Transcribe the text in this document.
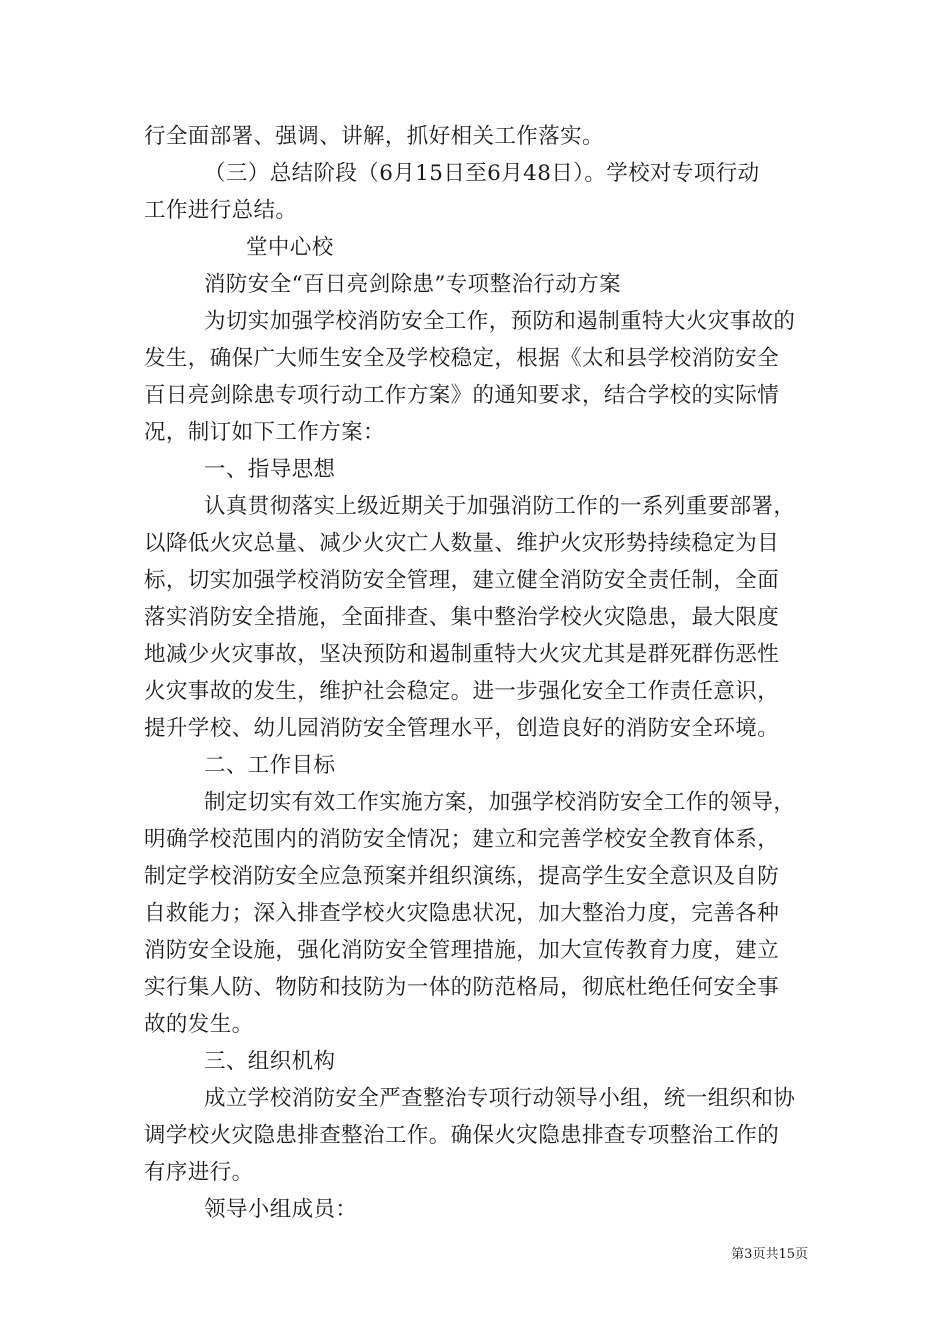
行全面部署、强调、讲解，抓好相关工作落实。
（三）总结阶段（6月15日至6月48日）。学校对专项行动
工作进行总结。
堂中心校
消防安全“百日亮剑除患”专项整治行动方案
为切实加强学校消防安全工作，预防和遏制重特大火灾事故的
发生，确保广大师生安全及学校稳定，根据《太和县学校消防安全
百日亮剑除患专项行动工作方案》的通知要求，结合学校的实际情
况，制订如下工作方案：
一、指导思想
认真贯彻落实上级近期关于加强消防工作的一系列重要部署，
以降低火灾总量、减少火灾亡人数量、维护火灾形势持续稳定为目
标，切实加强学校消防安全管理，建立健全消防安全责任制，全面
落实消防安全措施，全面排查、集中整治学校火灾隐患，最大限度
地减少火灾事故，坚决预防和遏制重特大火灾尤其是群死群伤恶性
火灾事故的发生，维护社会稳定。进一步强化安全工作责任意识，
提升学校、幼儿园消防安全管理水平，创造良好的消防安全环境。
二、工作目标
制定切实有效工作实施方案，加强学校消防安全工作的领导，
明确学校范围内的消防安全情况；建立和完善学校安全教育体系，
制定学校消防安全应急预案并组织演练，提高学生安全意识及自防
自救能力；深入排查学校火灾隐患状况，加大整治力度，完善各种
消防安全设施，强化消防安全管理措施，加大宣传教育力度，建立
实行集人防、物防和技防为一体的防范格局，彻底杜绝任何安全事
故的发生。
三、组织机构
成立学校消防安全严查整治专项行动领导小组，统一组织和协
调学校火灾隐患排查整治工作。确保火灾隐患排查专项整治工作的
有序进行。
领导小组成员：
第3页共15页
